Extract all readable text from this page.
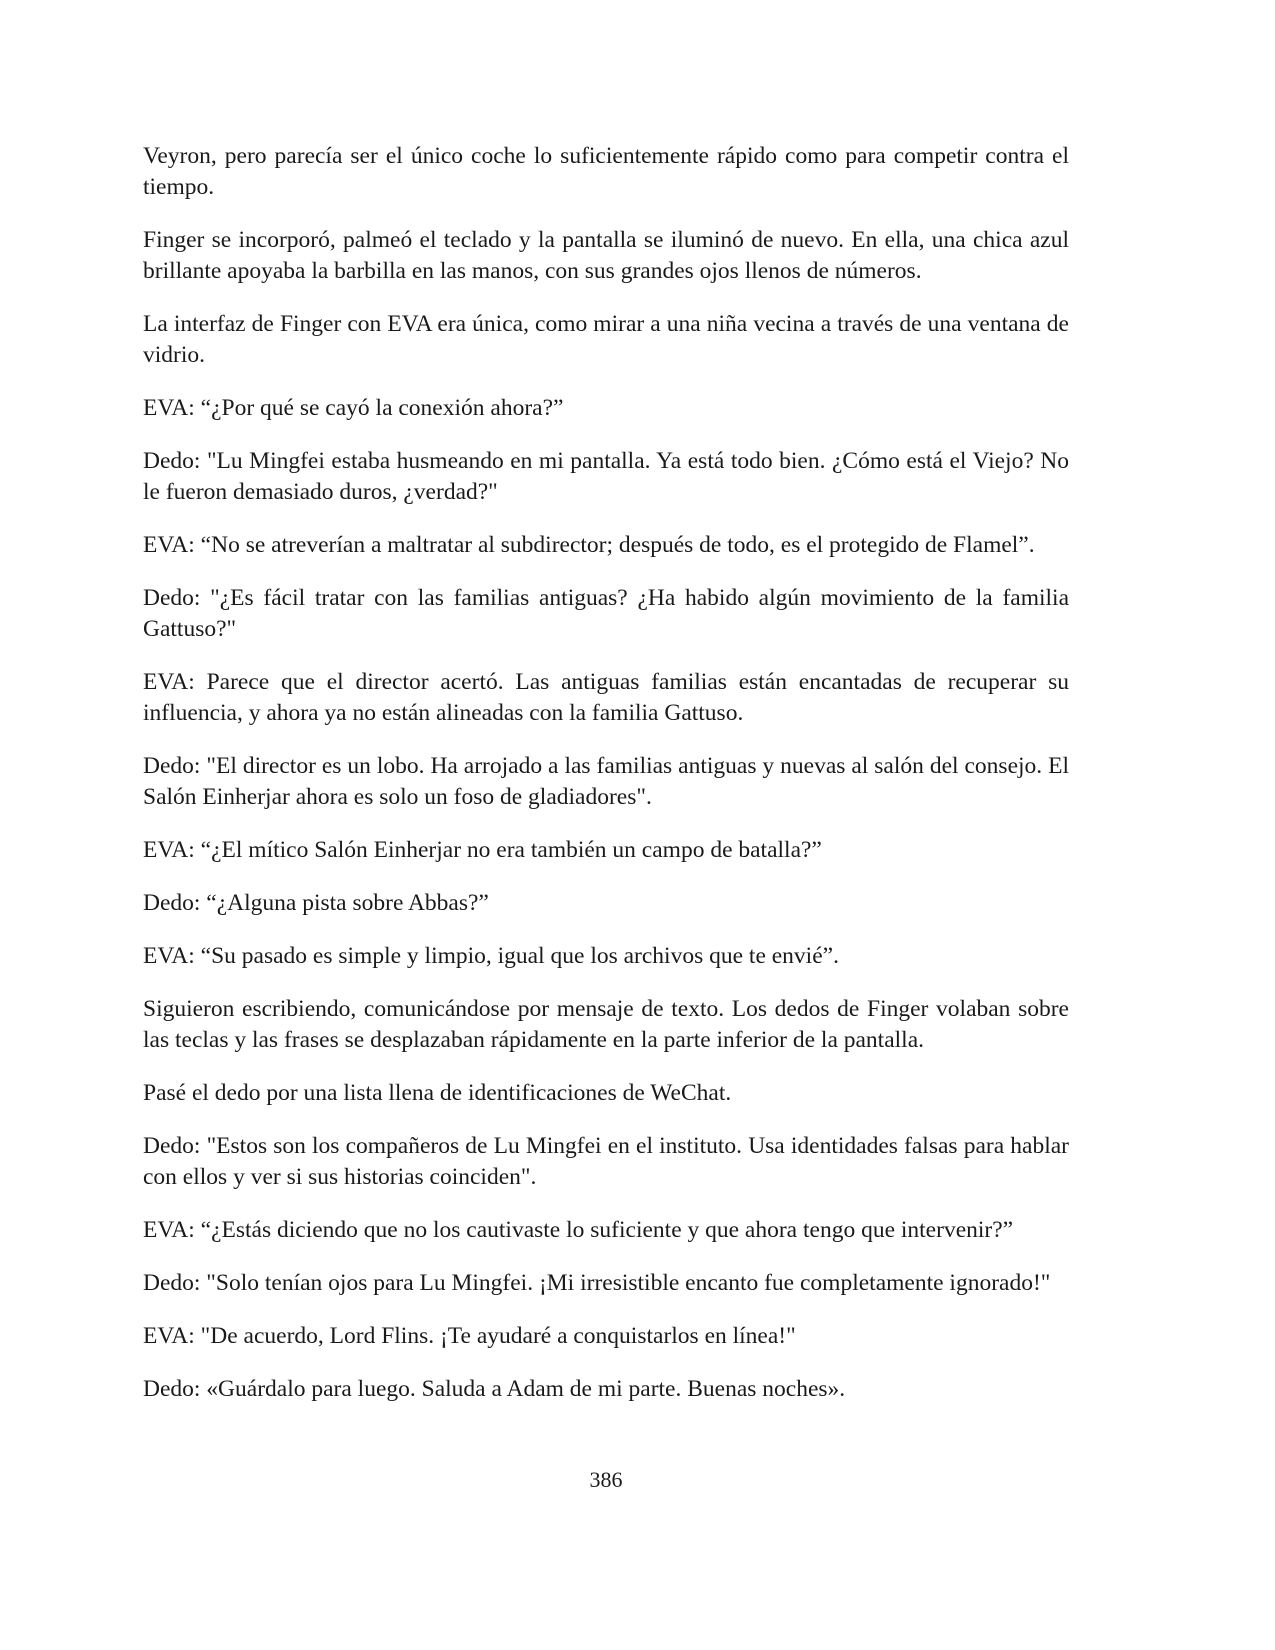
Veyron, pero parecía ser el único coche lo suficientemente rápido como para competir contra el tiempo.

Finger se incorporó, palmeó el teclado y la pantalla se iluminó de nuevo. En ella, una chica azul brillante apoyaba la barbilla en las manos, con sus grandes ojos llenos de números.

La interfaz de Finger con EVA era única, como mirar a una niña vecina a través de una ventana de vidrio.

EVA: “¿Por qué se cayó la conexión ahora?”

Dedo: "Lu Mingfei estaba husmeando en mi pantalla. Ya está todo bien. ¿Cómo está el Viejo? No le fueron demasiado duros, ¿verdad?"

EVA: “No se atreverían a maltratar al subdirector; después de todo, es el protegido de Flamel”.

Dedo: "¿Es fácil tratar con las familias antiguas? ¿Ha habido algún movimiento de la familia Gattuso?"

EVA: Parece que el director acertó. Las antiguas familias están encantadas de recuperar su influencia, y ahora ya no están alineadas con la familia Gattuso.

Dedo: "El director es un lobo. Ha arrojado a las familias antiguas y nuevas al salón del consejo. El Salón Einherjar ahora es solo un foso de gladiadores".

EVA: “¿El mítico Salón Einherjar no era también un campo de batalla?”

Dedo: “¿Alguna pista sobre Abbas?”

EVA: “Su pasado es simple y limpio, igual que los archivos que te envié”.

Siguieron escribiendo, comunicándose por mensaje de texto. Los dedos de Finger volaban sobre las teclas y las frases se desplazaban rápidamente en la parte inferior de la pantalla.

Pasé el dedo por una lista llena de identificaciones de WeChat.

Dedo: "Estos son los compañeros de Lu Mingfei en el instituto. Usa identidades falsas para hablar con ellos y ver si sus historias coinciden".

EVA: “¿Estás diciendo que no los cautivaste lo suficiente y que ahora tengo que intervenir?”

Dedo: "Solo tenían ojos para Lu Mingfei. ¡Mi irresistible encanto fue completamente ignorado!"

EVA: "De acuerdo, Lord Flins. ¡Te ayudaré a conquistarlos en línea!"

Dedo: «Guárdalo para luego. Saluda a Adam de mi parte. Buenas noches».

386
